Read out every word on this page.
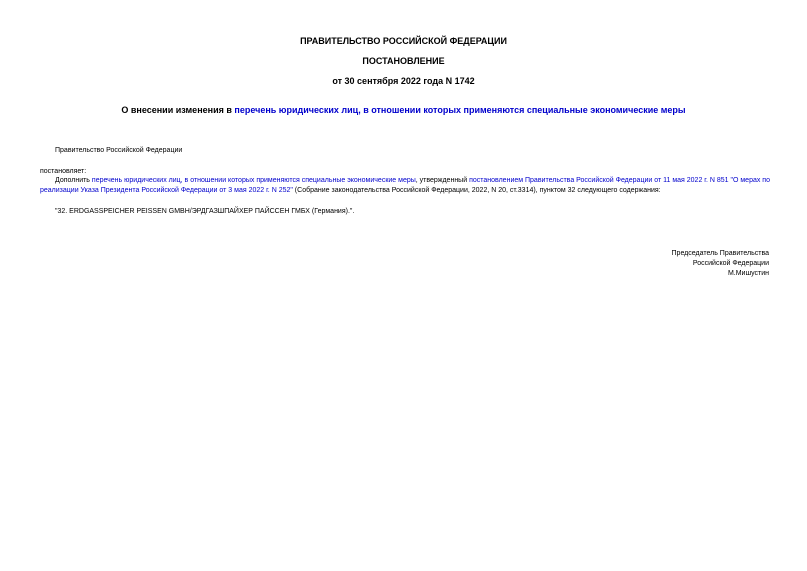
ПРАВИТЕЛЬСТВО РОССИЙСКОЙ ФЕДЕРАЦИИ
ПОСТАНОВЛЕНИЕ
от 30 сентября 2022 года N 1742
О внесении изменения в перечень юридических лиц, в отношении которых применяются специальные экономические меры
Правительство Российской Федерации
постановляет:
Дополнить перечень юридических лиц, в отношении которых применяются специальные экономические меры, утвержденный постановлением Правительства Российской Федерации от 11 мая 2022 г. N 851 "О мерах по реализации Указа Президента Российской Федерации от 3 мая 2022 г. N 252" (Собрание законодательства Российской Федерации, 2022, N 20, ст.3314), пунктом 32 следующего содержания:
"32. ERDGASSPEICHER PEISSEN GMBH/ЭРДГАЗШПАЙХЕР ПАЙССЕН ГМБХ (Германия).".
Председатель Правительства
Российской Федерации
М.Мишустин
